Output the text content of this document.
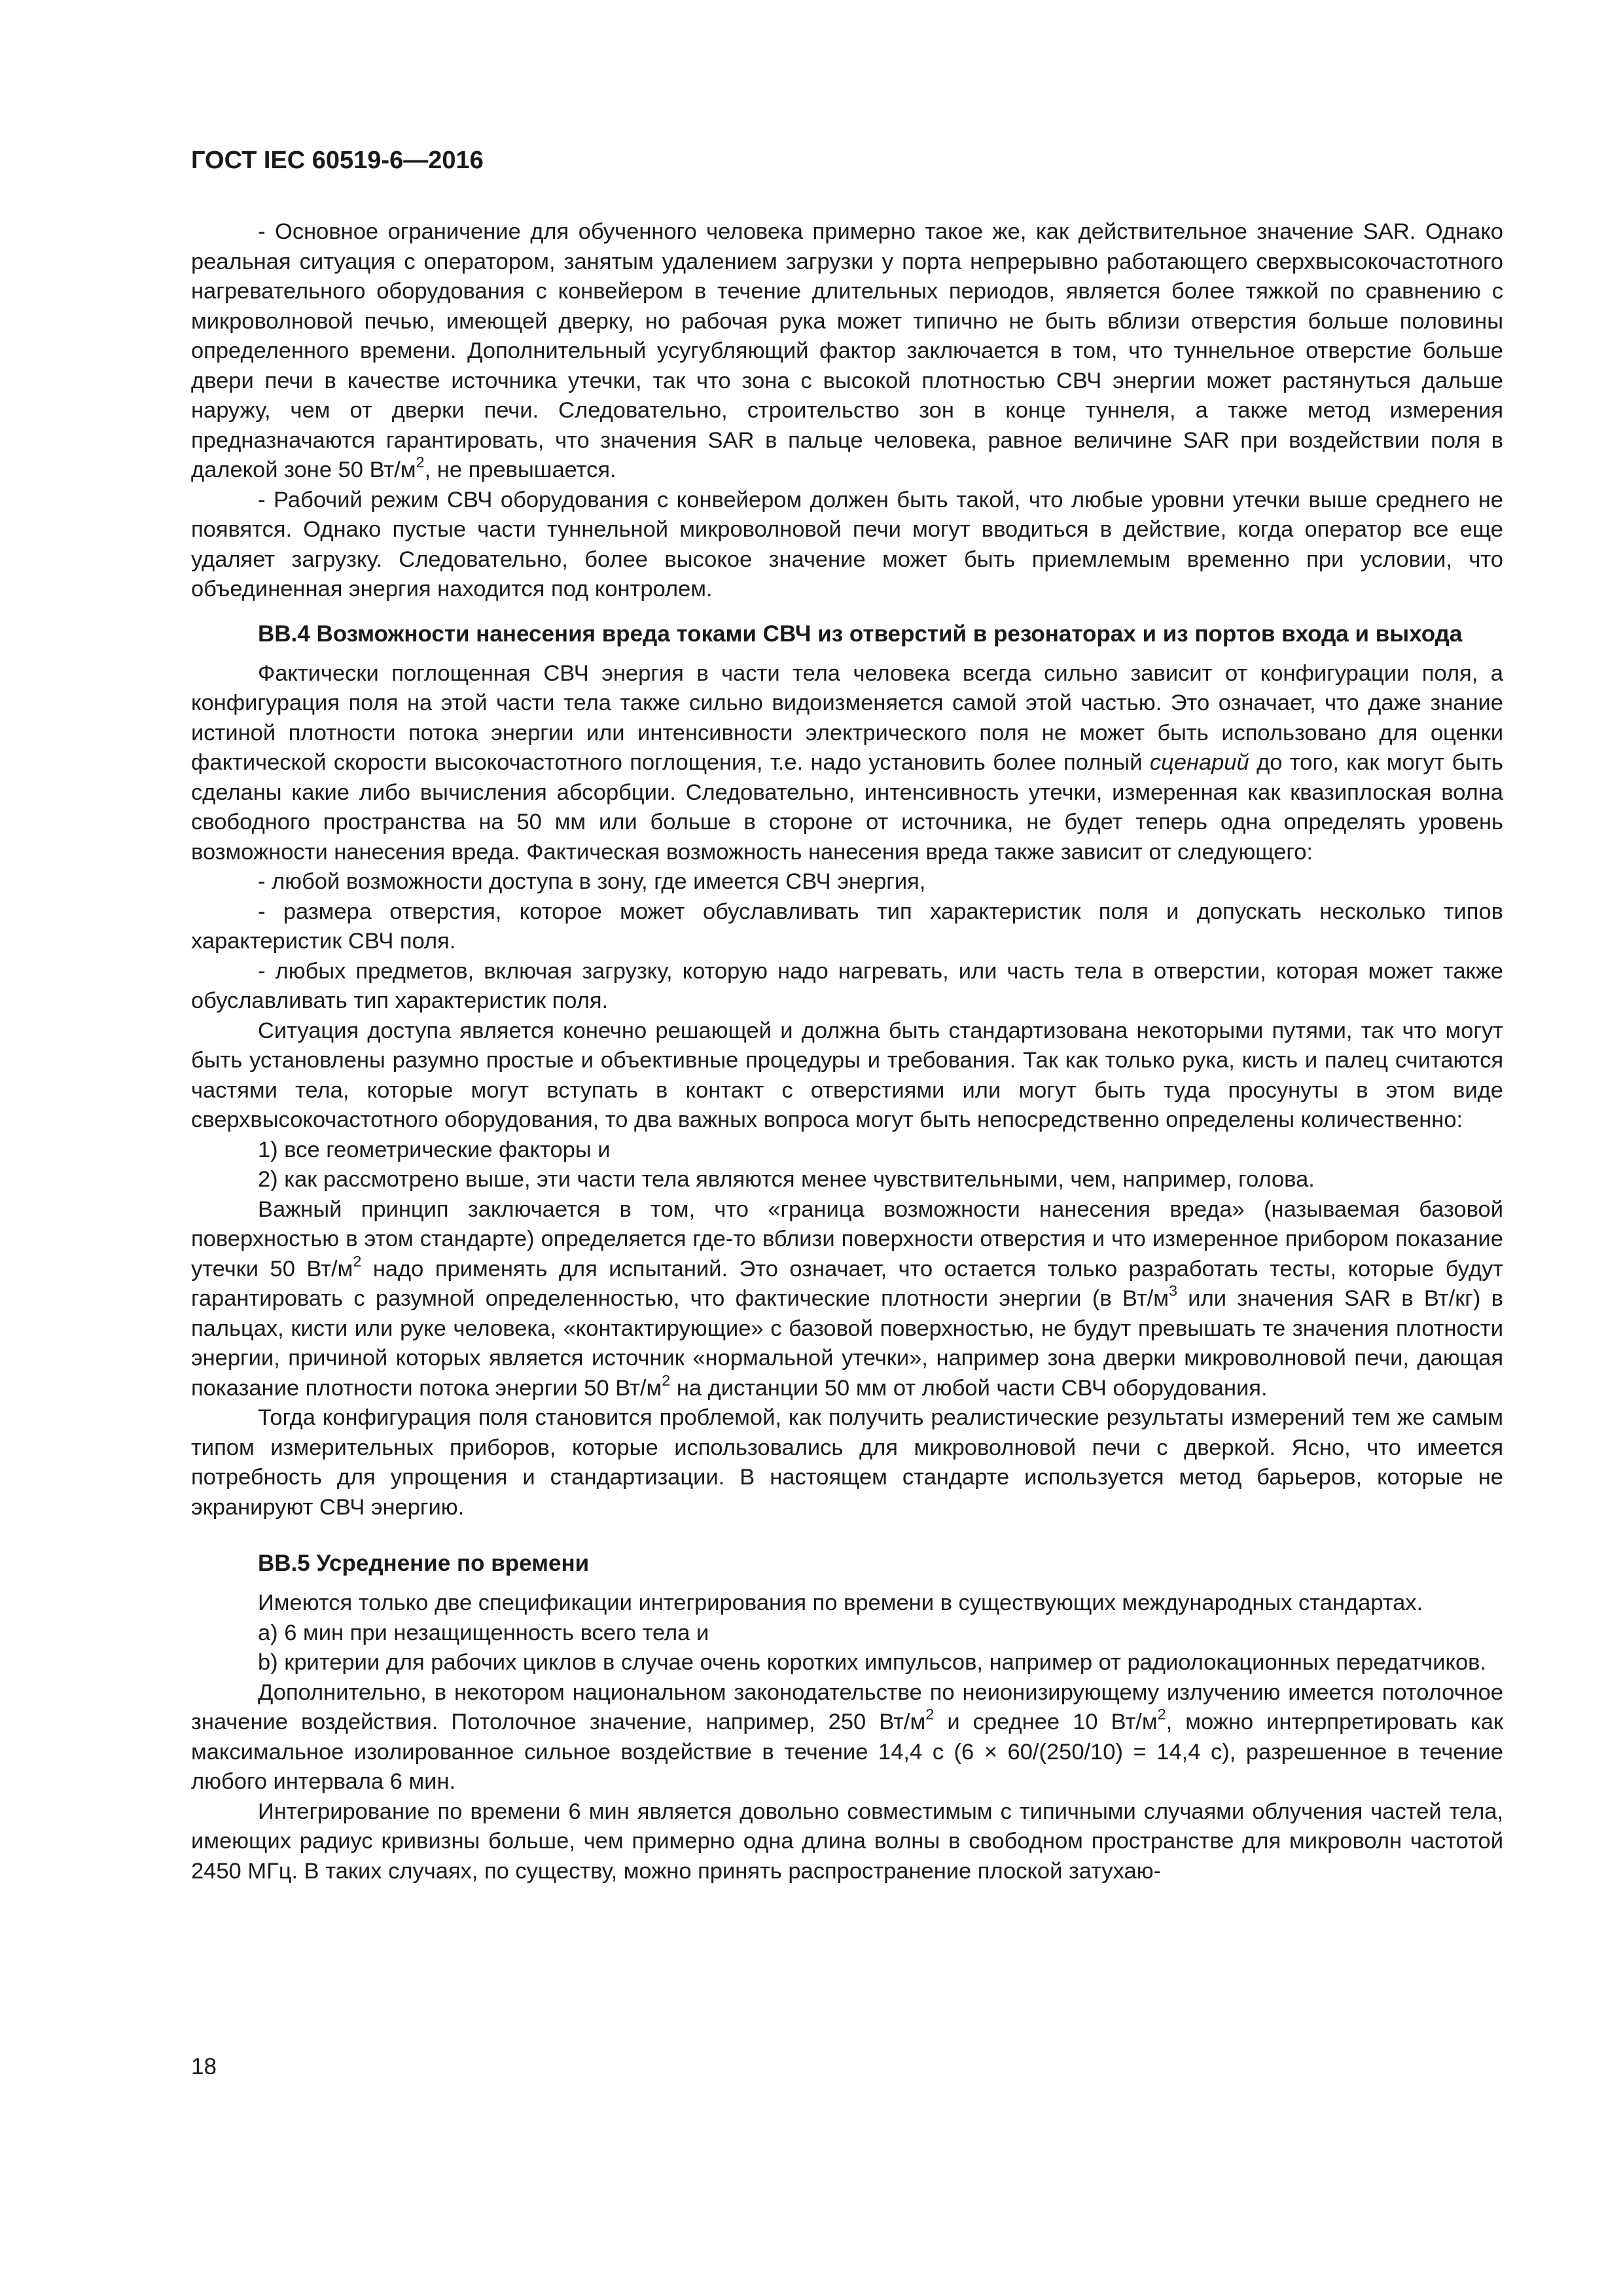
ГОСТ IEC 60519-6—2016

- Основное ограничение для обученного человека примерно такое же, как действительное значение SAR. Однако реальная ситуация с оператором, занятым удалением загрузки у порта непрерывно работающего сверхвысокочастотного нагревательного оборудования с конвейером в течение длительных периодов, является более тяжкой по сравнению с микроволновой печью, имеющей дверку, но рабочая рука может типично не быть вблизи отверстия больше половины определенного времени. Дополнительный усугубляющий фактор заключается в том, что туннельное отверстие больше двери печи в качестве источника утечки, так что зона с высокой плотностью СВЧ энергии может растянуться дальше наружу, чем от дверки печи. Следовательно, строительство зон в конце туннеля, а также метод измерения предназначаются гарантировать, что значения SAR в пальце человека, равное величине SAR при воздействии поля в далекой зоне 50 $Вт/м^2$, не превышается.

- Рабочий режим СВЧ оборудования с конвейером должен быть такой, что любые уровни утечки выше среднего не появятся. Однако пустые части туннельной микроволновой печи могут вводиться в действие, когда оператор все еще удаляет загрузку. Следовательно, более высокое значение может быть приемлемым временно при условии, что объединенная энергия находится под контролем.

ВВ.4 Возможности нанесения вреда токами СВЧ из отверстий в резонаторах и из портов входа и выхода

Фактически поглощенная СВЧ энергия в части тела человека всегда сильно зависит от конфигурации поля, а конфигурация поля на этой части тела также сильно видоизменяется самой этой частью. Это означает, что даже знание истиной плотности потока энергии или интенсивности электрического поля не может быть использовано для оценки фактической скорости высокочастотного поглощения, т.е. надо установить более полный сценарий до того, как могут быть сделаны какие либо вычисления абсорбции. Следовательно, интенсивность утечки, измеренная как квазиплоская волна свободного пространства на 50 мм или больше в стороне от источника, не будет теперь одна определять уровень возможности нанесения вреда. Фактическая возможность нанесения вреда также зависит от следующего:

- любой возможности доступа в зону, где имеется СВЧ энергия,

- размера отверстия, которое может обуславливать тип характеристик поля и допускать несколько типов характеристик СВЧ поля.

- любых предметов, включая загрузку, которую надо нагревать, или часть тела в отверстии, которая может также обуславливать тип характеристик поля.

Ситуация доступа является конечно решающей и должна быть стандартизована некоторыми путями, так что могут быть установлены разумно простые и объективные процедуры и требования. Так как только рука, кисть и палец считаются частями тела, которые могут вступать в контакт с отверстиями или могут быть туда просунуты в этом виде сверхвысокочастотного оборудования, то два важных вопроса могут быть непосредственно определены количественно:

1) все геометрические факторы и

2) как рассмотрено выше, эти части тела являются менее чувствительными, чем, например, голова.

Важный принцип заключается в том, что «граница возможности нанесения вреда» (называемая базовой поверхностью в этом стандарте) определяется где-то вблизи поверхности отверстия и что измеренное прибором показание утечки 50 $Вт/м^2$ надо применять для испытаний. Это означает, что остается только разработать тесты, которые будут гарантировать с разумной определенностью, что фактические плотности энергии (в $Вт/м^3$ или значения SAR в Вт/кг) в пальцах, кисти или руке человека, «контактирующие» с базовой поверхностью, не будут превышать те значения плотности энергии, причиной которых является источник «нормальной утечки», например зона дверки микроволновой печи, дающая показание плотности потока энергии 50 $Вт/м^2$ на дистанции 50 мм от любой части СВЧ оборудования.

Тогда конфигурация поля становится проблемой, как получить реалистические результаты измерений тем же самым типом измерительных приборов, которые использовались для микроволновой печи с дверкой. Ясно, что имеется потребность для упрощения и стандартизации. В настоящем стандарте используется метод барьеров, которые не экранируют СВЧ энергию.

ВВ.5 Усреднение по времени

Имеются только две спецификации интегрирования по времени в существующих международных стандартах.

а) 6 мин при незащищенность всего тела и

b) критерии для рабочих циклов в случае очень коротких импульсов, например от радиолокационных передатчиков.

Дополнительно, в некотором национальном законодательстве по неионизирующему излучению имеется потолочное значение воздействия. Потолочное значение, например, 250 $Вт/м^2$ и среднее 10 $Вт/м^2$, можно интерпретировать как максимальное изолированное сильное воздействие в течение 14,4 с (6 × 60/(250/10) = 14,4 с), разрешенное в течение любого интервала 6 мин.

Интегрирование по времени 6 мин является довольно совместимым с типичными случаями облучения частей тела, имеющих радиус кривизны больше, чем примерно одна длина волны в свободном пространстве для микроволн частотой 2450 МГц. В таких случаях, по существу, можно принять распространение плоской затухаю-

18
